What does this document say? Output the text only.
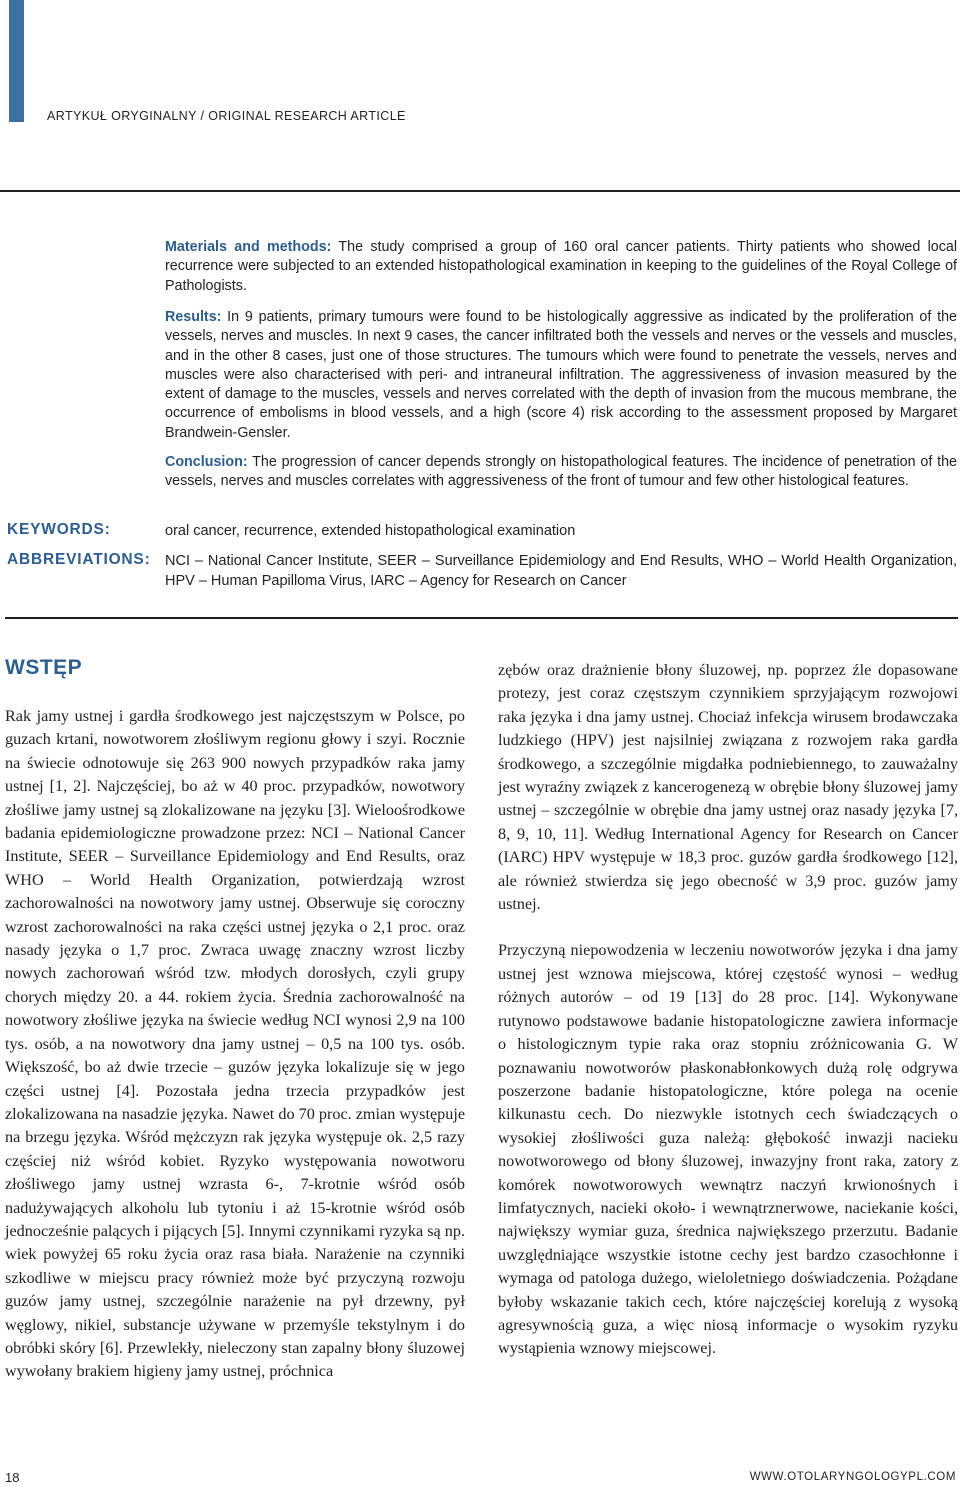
ARTYKUŁ ORYGINALNY / ORIGINAL RESEARCH ARTICLE

Materials and methods: The study comprised a group of 160 oral cancer patients. Thirty patients who showed local recurrence were subjected to an extended histopathological examination in keeping to the guidelines of the Royal College of Pathologists.

Results: In 9 patients, primary tumours were found to be histologically aggressive as indicated by the proliferation of the vessels, nerves and muscles. In next 9 cases, the cancer infiltrated both the vessels and nerves or the vessels and muscles, and in the other 8 cases, just one of those structures. The tumours which were found to penetrate the vessels, nerves and muscles were also characterised with peri- and intraneural infiltration. The aggressiveness of invasion measured by the extent of damage to the muscles, vessels and nerves correlated with the depth of invasion from the mucous membrane, the occurrence of embolisms in blood vessels, and a high (score 4) risk according to the assessment proposed by Margaret Brandwein-Gensler.

Conclusion: The progression of cancer depends strongly on histopathological features. The incidence of penetration of the vessels, nerves and muscles correlates with aggressiveness of the front of tumour and few other histological features.

KEYWORDS:	oral cancer, recurrence, extended histopathological examination
ABBREVIATIONS: NCI – National Cancer Institute, SEER – Surveillance Epidemiology and End Results, WHO – World Health Organization, HPV – Human Papilloma Virus, IARC – Agency for Research on Cancer
WSTĘP

Rak jamy ustnej i gardła środkowego jest najczęstszym w Polsce, po guzach krtani, nowotworem złośliwym regionu głowy i szyi. Rocznie na świecie odnotowuje się 263 900 nowych przypadków raka jamy ustnej [1, 2]. Najczęściej, bo aż w 40 proc. przypadków, nowotwory złośliwe jamy ustnej są zlokalizowane na języku [3]. Wieloośrodkowe badania epidemiologiczne prowadzone przez: NCI – National Cancer Institute, SEER – Surveillance Epidemiology and End Results, oraz WHO – World Health Organization, potwierdzają wzrost zachorowalności na nowotwory jamy ustnej. Obserwuje się coroczny wzrost zachorowalności na raka części ustnej języka o 2,1 proc. oraz nasady języka o 1,7 proc. Zwraca uwagę znaczny wzrost liczby nowych zachorowań wśród tzw. młodych dorosłych, czyli grupy chorych między 20. a 44. rokiem życia. Średnia zachorowalność na nowotwory złośliwe języka na świecie według NCI wynosi 2,9 na 100 tys. osób, a na nowotwory dna jamy ustnej – 0,5 na 100 tys. osób. Większość, bo aż dwie trzecie – guzów języka lokalizuje się w jego części ustnej [4]. Pozostała jedna trzecia przypadków jest zlokalizowana na nasadzie języka. Nawet do 70 proc. zmian występuje na brzegu języka. Wśród mężczyzn rak języka występuje ok. 2,5 razy częściej niż wśród kobiet. Ryzyko występowania nowotworu złośliwego jamy ustnej wzrasta 6-, 7-krotnie wśród osób nadużywających alkoholu lub tytoniu i aż 15-krotnie wśród osób jednocześnie palących i pijących [5]. Innymi czynnikami ryzyka są np. wiek powyżej 65 roku życia oraz rasa biała. Narażenie na czynniki szkodliwe w miejscu pracy również może być przyczyną rozwoju guzów jamy ustnej, szczególnie narażenie na pył drzewny, pył węglowy, nikiel, substancje używane w przemyśle tekstylnym i do obróbki skóry [6]. Przewlekły, nieleczony stan zapalny błony śluzowej wywołany brakiem higieny jamy ustnej, próchnica

zębów oraz drażnienie błony śluzowej, np. poprzez źle dopasowane protezy, jest coraz częstszym czynnikiem sprzyjającym rozwojowi raka języka i dna jamy ustnej. Chociaż infekcja wirusem brodawczaka ludzkiego (HPV) jest najsilniej związana z rozwojem raka gardła środkowego, a szczególnie migdałka podniebiennego, to zauważalny jest wyraźny związek z kancerogenezą w obrębie błony śluzowej jamy ustnej – szczególnie w obrębie dna jamy ustnej oraz nasady języka [7, 8, 9, 10, 11]. Według International Agency for Research on Cancer (IARC) HPV występuje w 18,3 proc. guzów gardła środkowego [12], ale również stwierdza się jego obecność w 3,9 proc. guzów jamy ustnej.

Przyczyną niepowodzenia w leczeniu nowotworów języka i dna jamy ustnej jest wznowa miejscowa, której częstość wynosi – według różnych autorów – od 19 [13] do 28 proc. [14]. Wykonywane rutynowo podstawowe badanie histopatologiczne zawiera informacje o histologicznym typie raka oraz stopniu zróżnicowania G. W poznawaniu nowotworów płaskonabłonkowych dużą rolę odgrywa poszerzone badanie histopatologiczne, które polega na ocenie kilkunastu cech. Do niezwykle istotnych cech świadczących o wysokiej złośliwości guza należą: głębokość inwazji nacieku nowotworowego od błony śluzowej, inwazyjny front raka, zatory z komórek nowotworowych wewnątrz naczyń krwionośnych i limfatycznych, nacieki około- i wewnątrznerwowe, naciekanie kości, największy wymiar guza, średnica największego przerzutu. Badanie uwzględniające wszystkie istotne cechy jest bardzo czasochłonne i wymaga od patologa dużego, wieloletniego doświadczenia. Pożądane byłoby wskazanie takich cech, które najczęściej korelują z wysoką agresywnością guza, a więc niosą informacje o wysokim ryzyku wystąpienia wznowy miejscowej.

18	WWW.OTOLARYNGOLOGYPL.COM
